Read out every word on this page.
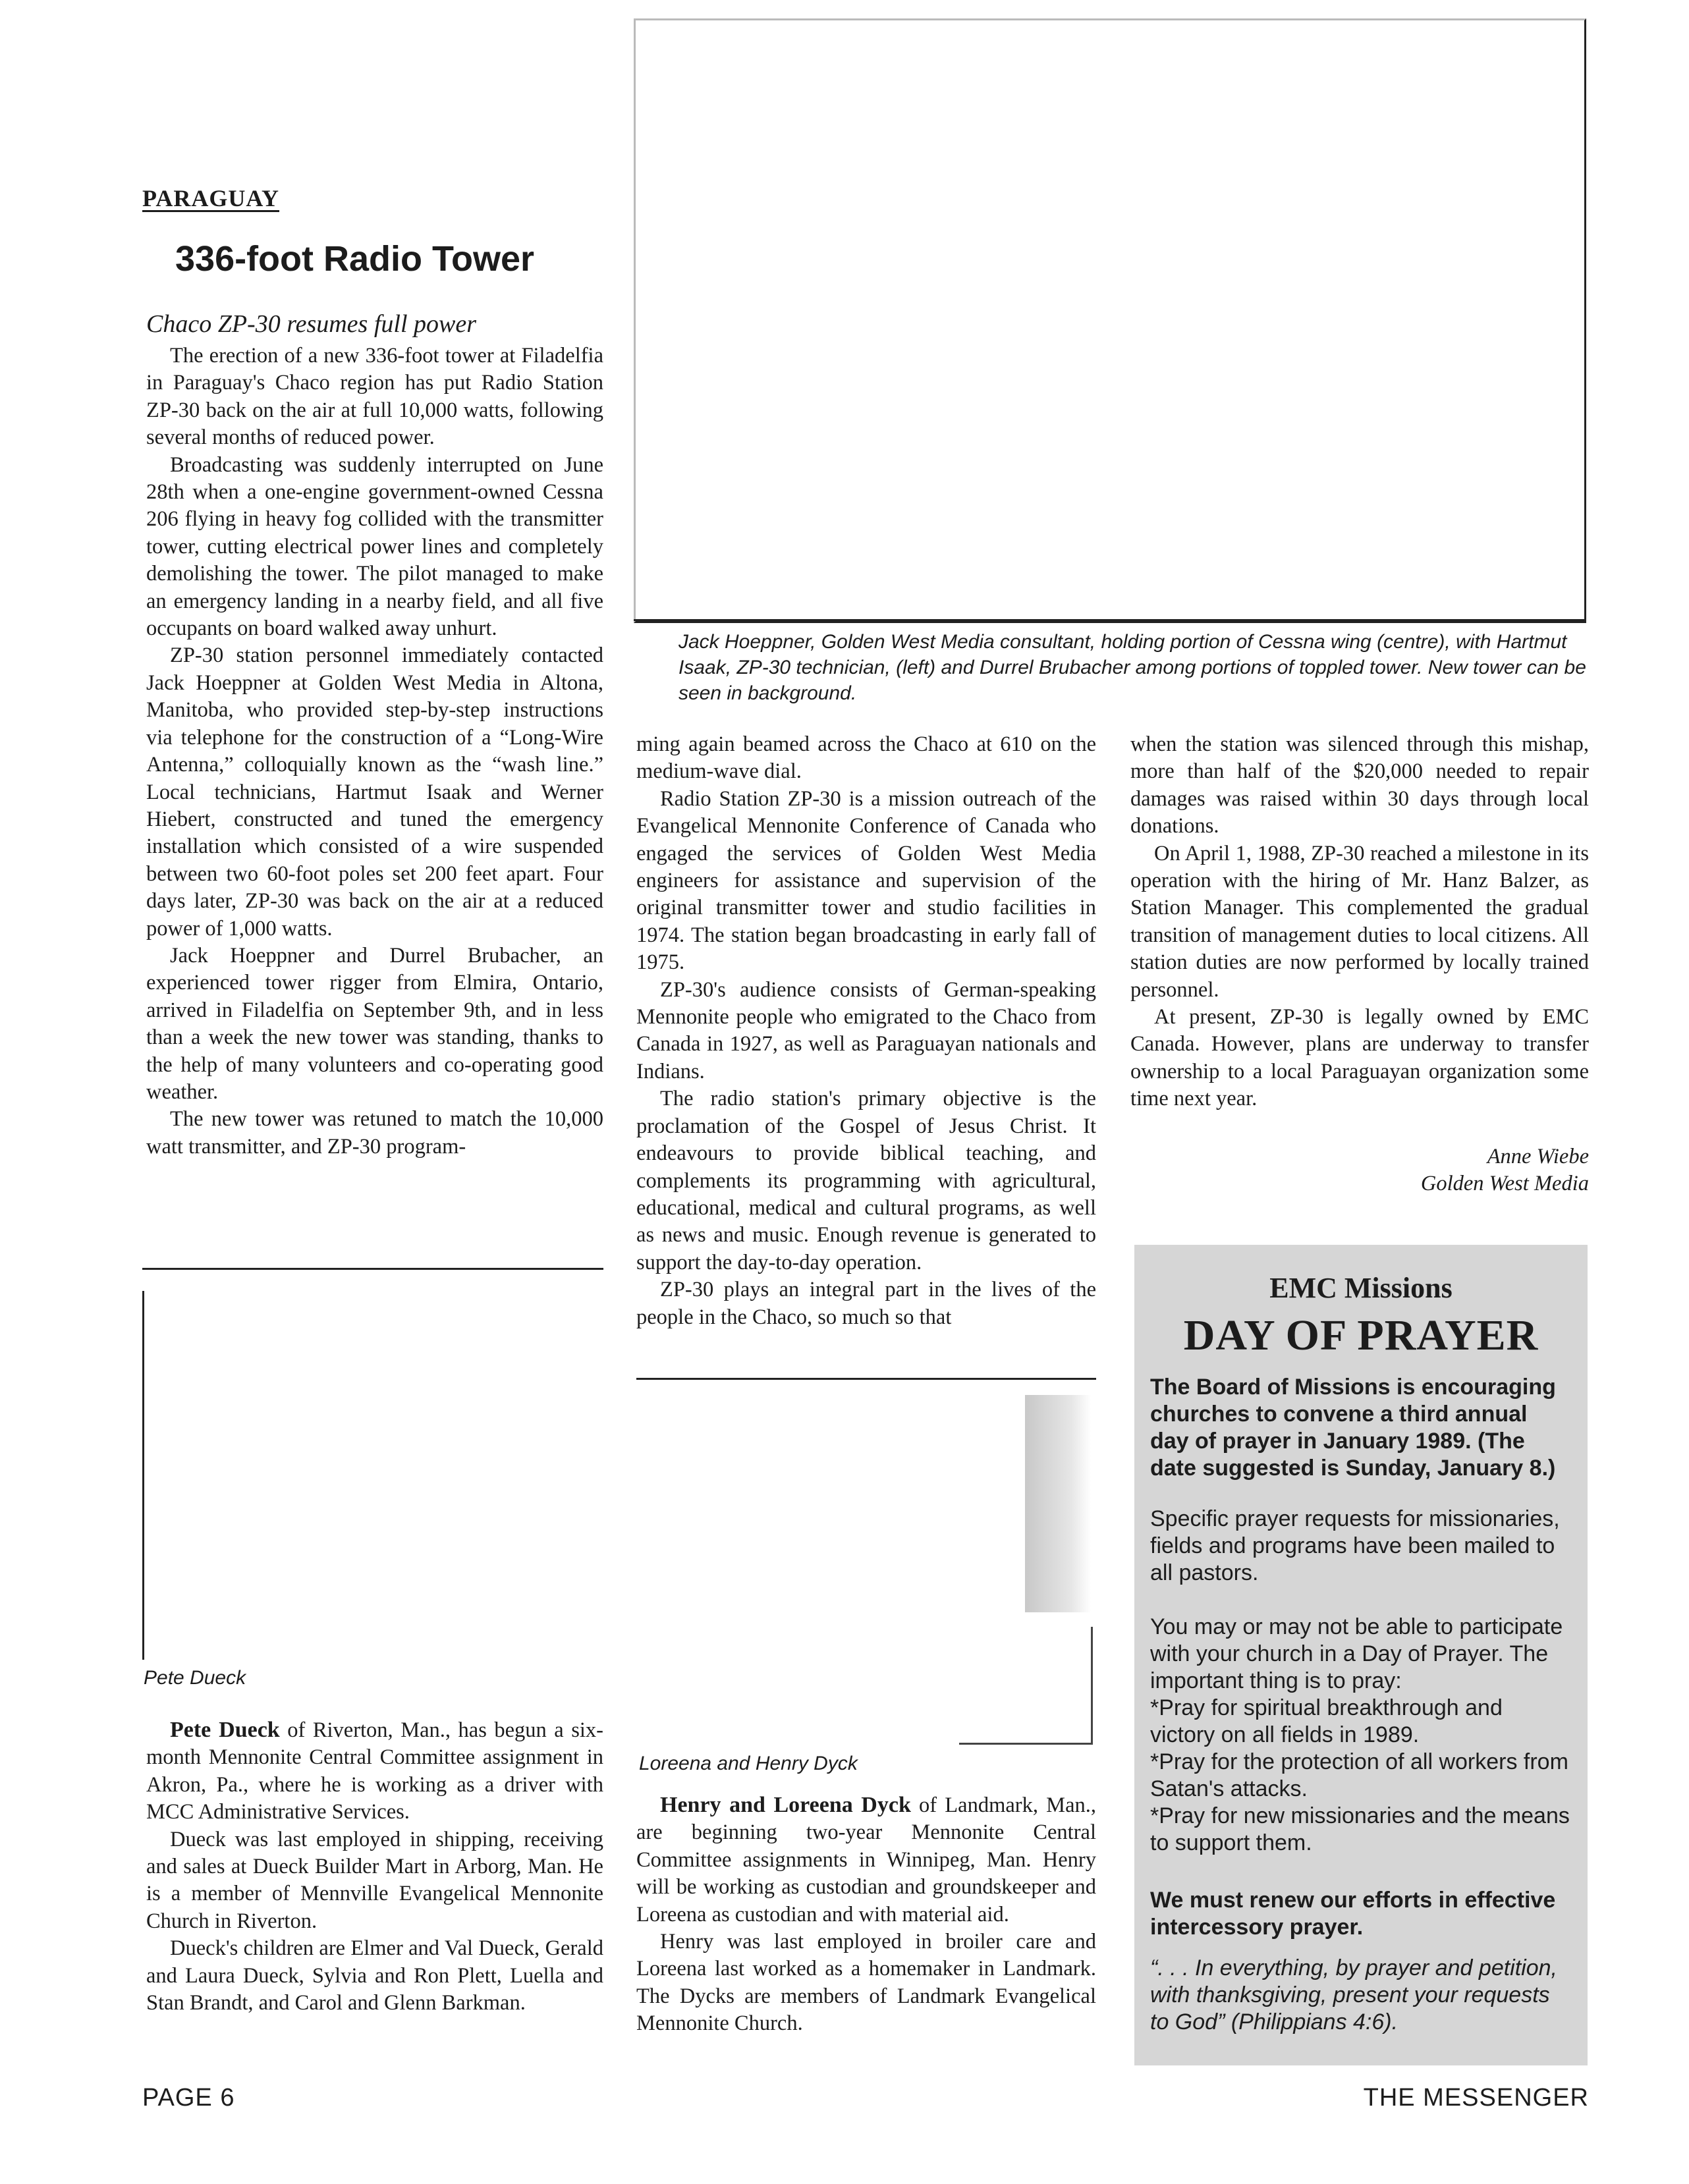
PARAGUAY
336-foot Radio Tower
Chaco ZP-30 resumes full power

The erection of a new 336-foot tower at Filadelfia in Paraguay's Chaco region has put Radio Station ZP-30 back on the air at full 10,000 watts, following several months of reduced power.

Broadcasting was suddenly interrupted on June 28th when a one-engine government-owned Cessna 206 flying in heavy fog collided with the transmitter tower, cutting electrical power lines and completely demolishing the tower. The pilot managed to make an emergency landing in a nearby field, and all five occupants on board walked away unhurt.

ZP-30 station personnel immediately contacted Jack Hoeppner at Golden West Media in Altona, Manitoba, who provided step-by-step instructions via telephone for the construction of a “Long-Wire Antenna,” colloquially known as the “wash line.” Local technicians, Hartmut Isaak and Werner Hiebert, constructed and tuned the emergency installation which consisted of a wire suspended between two 60-foot poles set 200 feet apart. Four days later, ZP-30 was back on the air at a reduced power of 1,000 watts.

Jack Hoeppner and Durrel Brubacher, an experienced tower rigger from Elmira, Ontario, arrived in Filadelfia on September 9th, and in less than a week the new tower was standing, thanks to the help of many volunteers and co-operating good weather.

The new tower was retuned to match the 10,000 watt transmitter, and ZP-30 program-

Jack Hoeppner, Golden West Media consultant, holding portion of Cessna wing (centre), with Hartmut Isaak, ZP-30 technician, (left) and Durrel Brubacher among portions of toppled tower. New tower can be seen in background.

ming again beamed across the Chaco at 610 on the medium-wave dial.

Radio Station ZP-30 is a mission outreach of the Evangelical Mennonite Conference of Canada who engaged the services of Golden West Media engineers for assistance and supervision of the original transmitter tower and studio facilities in 1974. The station began broadcasting in early fall of 1975.

ZP-30's audience consists of German-speaking Mennonite people who emigrated to the Chaco from Canada in 1927, as well as Paraguayan nationals and Indians.

The radio station's primary objective is the proclamation of the Gospel of Jesus Christ. It endeavours to provide biblical teaching, and complements its programming with agricultural, educational, medical and cultural programs, as well as news and music. Enough revenue is generated to support the day-to-day operation.

ZP-30 plays an integral part in the lives of the people in the Chaco, so much so that

when the station was silenced through this mishap, more than half of the $20,000 needed to repair damages was raised within 30 days through local donations.

On April 1, 1988, ZP-30 reached a milestone in its operation with the hiring of Mr. Hanz Balzer, as Station Manager. This complemented the gradual transition of management duties to local citizens. All station duties are now performed by locally trained personnel.

At present, ZP-30 is legally owned by EMC Canada. However, plans are underway to transfer ownership to a local Paraguayan organization some time next year.

Anne Wiebe
Golden West Media
Pete Dueck

Pete Dueck of Riverton, Man., has begun a six-month Mennonite Central Committee assignment in Akron, Pa., where he is working as a driver with MCC Administrative Services.

Dueck was last employed in shipping, receiving and sales at Dueck Builder Mart in Arborg, Man. He is a member of Mennville Evangelical Mennonite Church in Riverton.

Dueck's children are Elmer and Val Dueck, Gerald and Laura Dueck, Sylvia and Ron Plett, Luella and Stan Brandt, and Carol and Glenn Barkman.

Loreena and Henry Dyck

Henry and Loreena Dyck of Landmark, Man., are beginning two-year Mennonite Central Committee assignments in Winnipeg, Man. Henry will be working as custodian and groundskeeper and Loreena as custodian and with material aid.

Henry was last employed in broiler care and Loreena last worked as a homemaker in Landmark. The Dycks are members of Landmark Evangelical Mennonite Church.

EMC Missions
DAY OF PRAYER

The Board of Missions is encouraging churches to convene a third annual day of prayer in January 1989. (The date suggested is Sunday, January 8.)

Specific prayer requests for missionaries, fields and programs have been mailed to all pastors.

You may or may not be able to participate with your church in a Day of Prayer. The important thing is to pray:

*Pray for spiritual breakthrough and victory on all fields in 1989.

*Pray for the protection of all workers from Satan's attacks.

*Pray for new missionaries and the means to support them.

We must renew our efforts in effective intercessory prayer.

“. . . In everything, by prayer and petition, with thanksgiving, present your requests to God” (Philippians 4:6).

PAGE 6	THE MESSENGER
